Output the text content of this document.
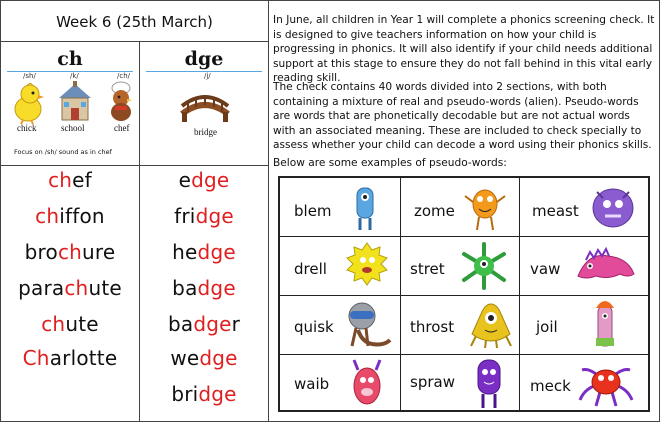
Week 6 (25th March)
ch
/sh/	/k/	/ch/
chick	school	chef
Focus on /sh/ sound as in chef
dge
/j/
bridge
chef
chiffon
brochure
parachute
chute
Charlotte
edge
fridge
hedge
badge
badger
wedge
bridge

In June, all children in Year 1 will complete a phonics screening check. It is designed to give teachers information on how your child is progressing in phonics. It will also identify if your child needs additional support at this stage to ensure they do not fall behind in this vital early reading skill.

The check contains 40 words divided into 2 sections, with both containing a mixture of real and pseudo-words (alien). Pseudo-words are words that are phonetically decodable but are not actual words with an associated meaning. These are included to check specially to assess whether your child can decode a word using their phonics skills.

Below are some examples of pseudo-words:

blem	zome	meast
drell	stret	vaw
quisk	throst	joil
waib	spraw	meck
